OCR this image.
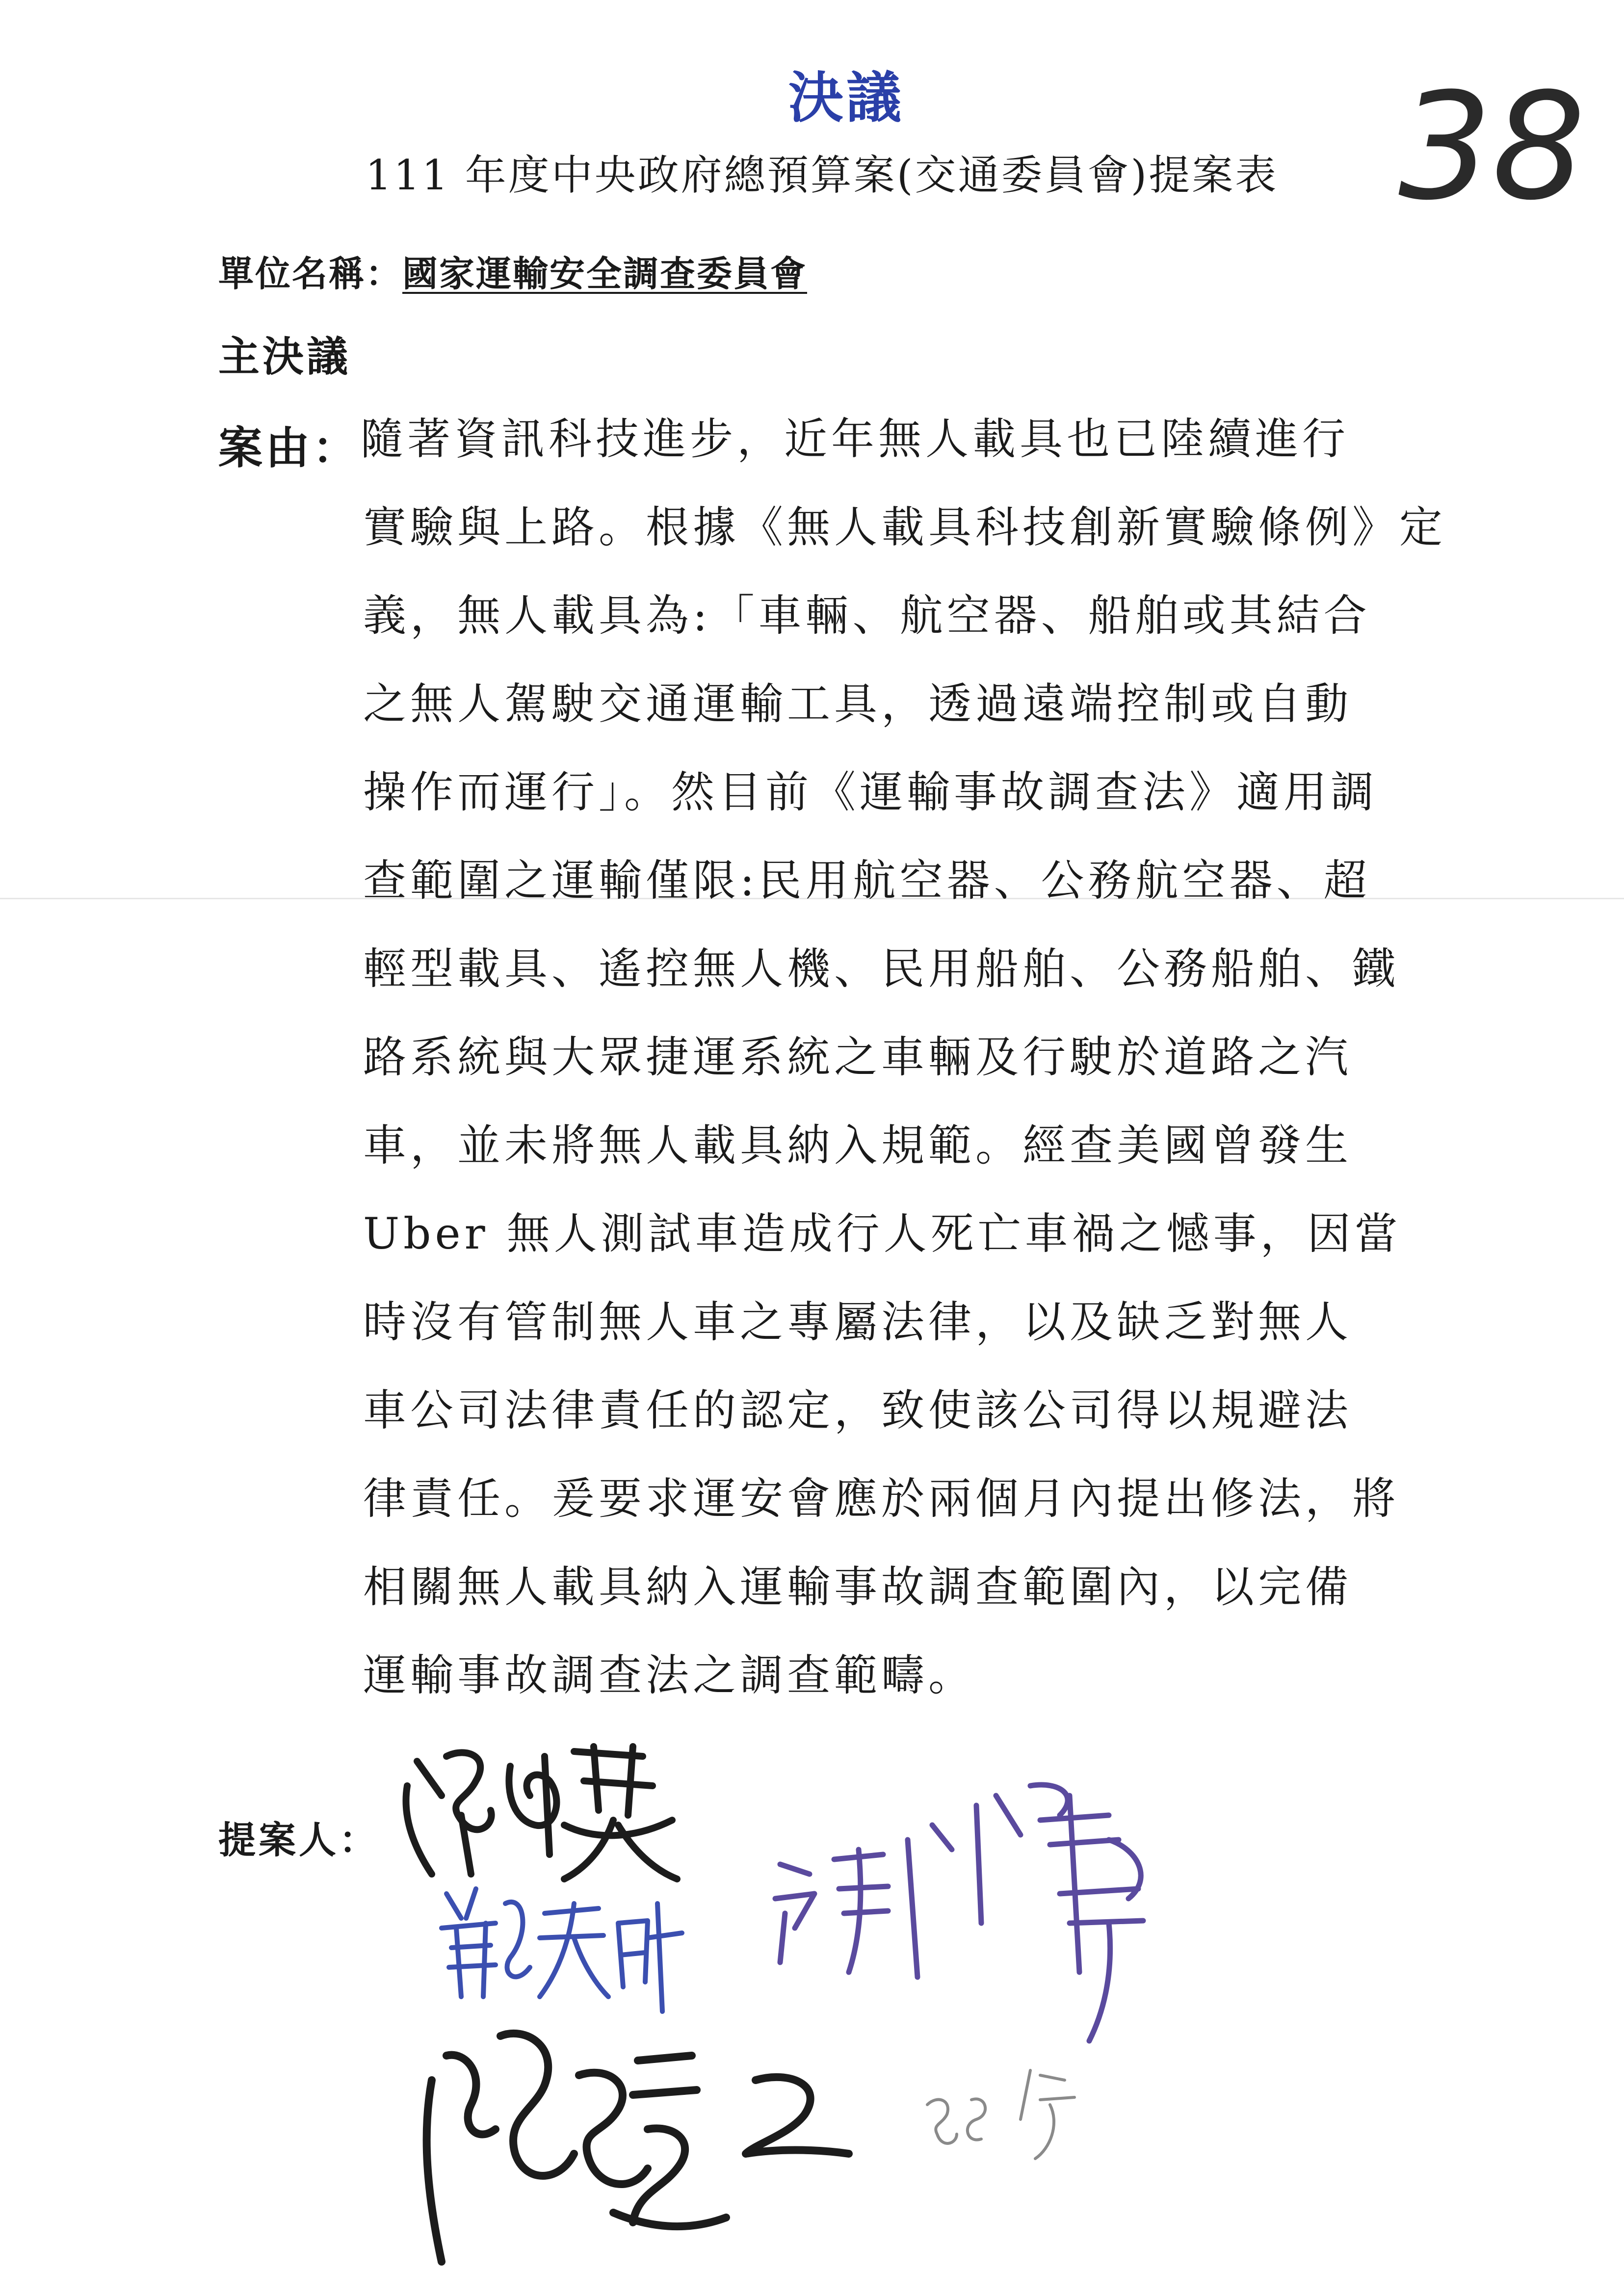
決議	38
111 年度中央政府總預算案(交通委員會)提案表
單位名稱：國家運輸安全調查委員會
主決議
案由： 隨著資訊科技進步，近年無人載具也已陸續進行
實驗與上路。根據《無人載具科技創新實驗條例》定
義，無人載具為:「車輛、航空器、船舶或其結合
之無人駕駛交通運輸工具，透過遠端控制或自動
操作而運行」。然目前《運輸事故調查法》適用調
查範圍之運輸僅限:民用航空器、公務航空器、超
輕型載具、遙控無人機、民用船舶、公務船舶、鐵
路系統與大眾捷運系統之車輛及行駛於道路之汽
車，並未將無人載具納入規範。經查美國曾發生
Uber 無人測試車造成行人死亡車禍之憾事，因當
時沒有管制無人車之專屬法律，以及缺乏對無人
車公司法律責任的認定，致使該公司得以規避法
律責任。爰要求運安會應於兩個月內提出修法，將
相關無人載具納入運輸事故調查範圍內，以完備
運輸事故調查法之調查範疇。
提案人：
